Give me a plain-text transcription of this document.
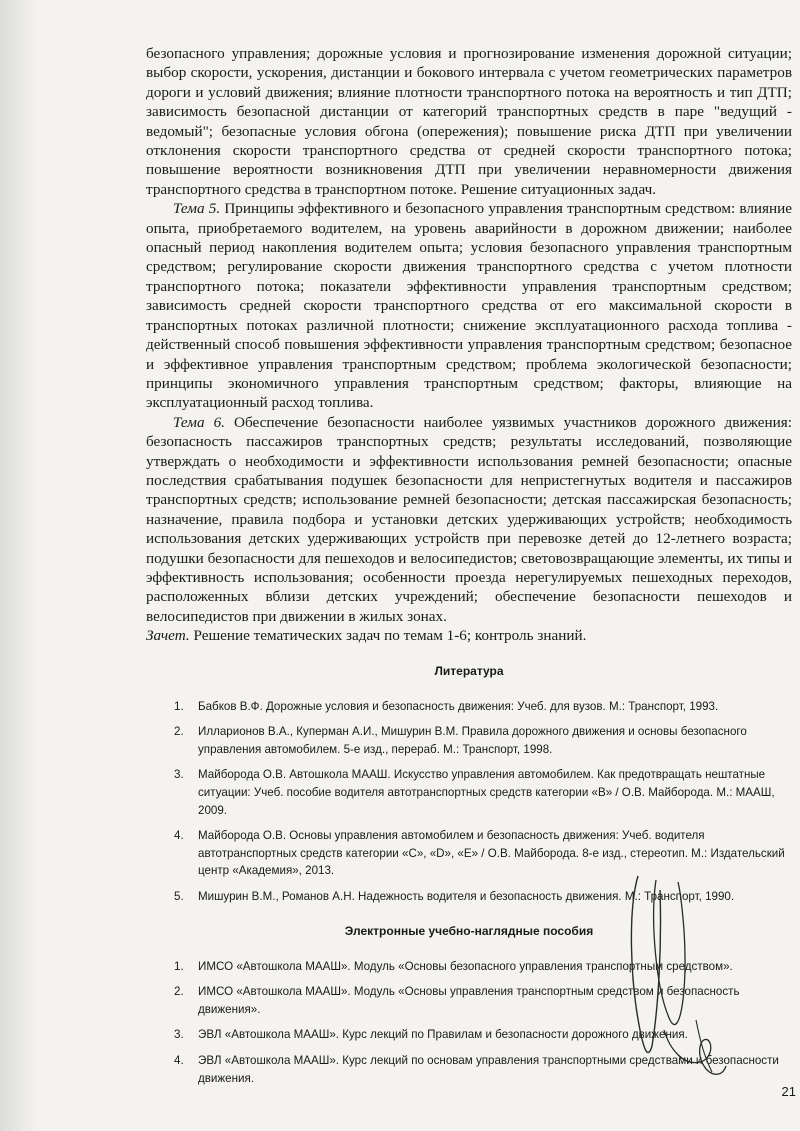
безопасного управления; дорожные условия и прогнозирование изменения дорожной ситуации; выбор скорости, ускорения, дистанции и бокового интервала с учетом геометрических параметров дороги и условий движения; влияние плотности транспортного потока на вероятность и тип ДТП; зависимость безопасной дистанции от категорий транспортных средств в паре "ведущий - ведомый"; безопасные условия обгона (опережения); повышение риска ДТП при увеличении отклонения скорости транспортного средства от средней скорости транспортного потока; повышение вероятности возникновения ДТП при увеличении неравномерности движения транспортного средства в транспортном потоке. Решение ситуационных задач.

Тема 5. Принципы эффективного и безопасного управления транспортным средством: влияние опыта, приобретаемого водителем, на уровень аварийности в дорожном движении; наиболее опасный период накопления водителем опыта; условия безопасного управления транспортным средством; регулирование скорости движения транспортного средства с учетом плотности транспортного потока; показатели эффективности управления транспортным средством; зависимость средней скорости транспортного средства от его максимальной скорости в транспортных потоках различной плотности; снижение эксплуатационного расхода топлива - действенный способ повышения эффективности управления транспортным средством; безопасное и эффективное управления транспортным средством; проблема экологической безопасности; принципы экономичного управления транспортным средством; факторы, влияющие на эксплуатационный расход топлива.

Тема 6. Обеспечение безопасности наиболее уязвимых участников дорожного движения: безопасность пассажиров транспортных средств; результаты исследований, позволяющие утверждать о необходимости и эффективности использования ремней безопасности; опасные последствия срабатывания подушек безопасности для непристегнутых водителя и пассажиров транспортных средств; использование ремней безопасности; детская пассажирская безопасность; назначение, правила подбора и установки детских удерживающих устройств; необходимость использования детских удерживающих устройств при перевозке детей до 12-летнего возраста; подушки безопасности для пешеходов и велосипедистов; световозвращающие элементы, их типы и эффективность использования; особенности проезда нерегулируемых пешеходных переходов, расположенных вблизи детских учреждений; обеспечение безопасности пешеходов и велосипедистов при движении в жилых зонах.

Зачет. Решение тематических задач по темам 1-6; контроль знаний.

Литература
1. Бабков В.Ф. Дорожные условия и безопасность движения: Учеб. для вузов. М.: Транспорт, 1993.
2. Илларионов В.А., Куперман А.И., Мишурин В.М. Правила дорожного движения и основы безопасного управления автомобилем. 5-е изд., перераб. М.: Транспорт, 1998.
3. Майборода О.В. Автошкола МААШ. Искусство управления автомобилем. Как предотвращать нештатные ситуации: Учеб. пособие водителя автотранспортных средств категории «В» / О.В. Майборода. М.: МААШ, 2009.
4. Майборода О.В. Основы управления автомобилем и безопасность движения: Учеб. водителя автотранспортных средств категории «С», «D», «Е» / О.В. Майборода. 8-е изд., стереотип. М.: Издательский центр «Академия», 2013.
5. Мишурин В.М., Романов А.Н. Надежность водителя и безопасность движения. М.: Транспорт, 1990.
Электронные учебно-наглядные пособия
1. ИМСО «Автошкола МААШ». Модуль «Основы безопасного управления транспортным средством».
2. ИМСО «Автошкола МААШ». Модуль «Основы управления транспортным средством и безопасность движения».
3. ЭВЛ «Автошкола МААШ». Курс лекций по Правилам и безопасности дорожного движения.
4. ЭВЛ «Автошкола МААШ». Курс лекций по основам управления транспортными средствами и безопасности движения.
21
